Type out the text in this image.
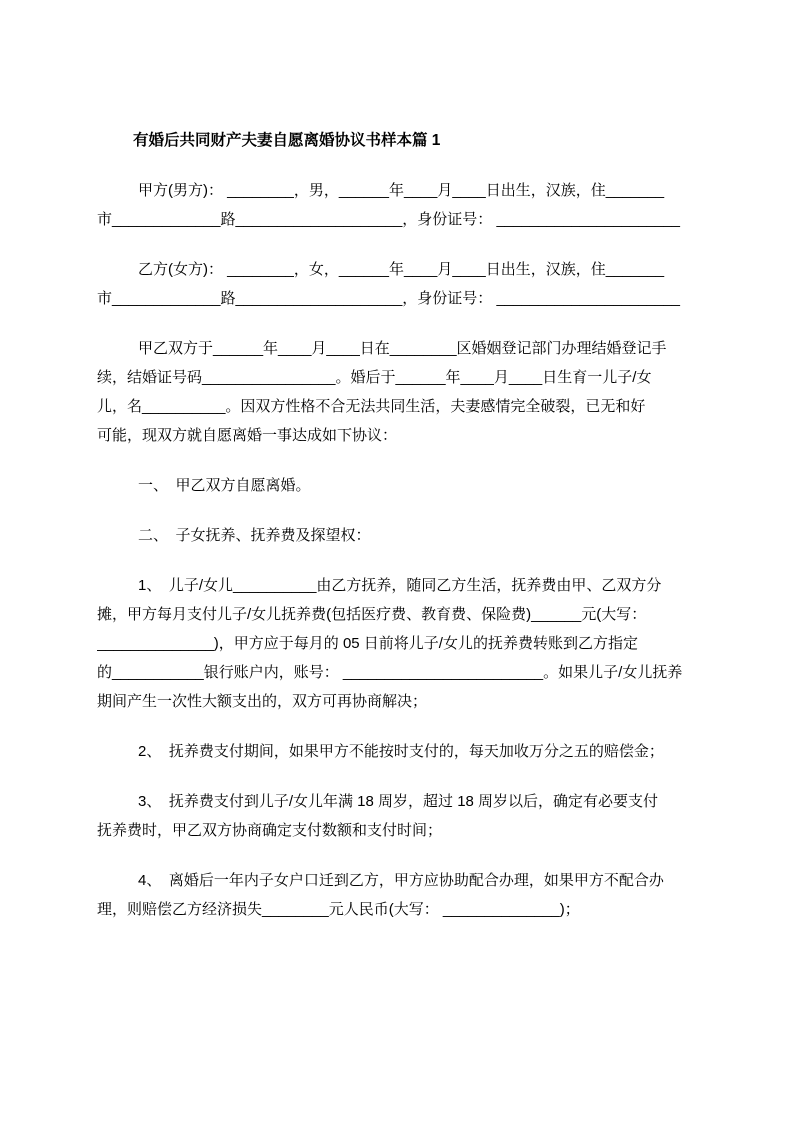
有婚后共同财产夫妻自愿离婚协议书样本篇 1
甲方(男方)： ________，男，______年____月____日出生，汉族，住_______
市_____________路____________________，身份证号： ______________________
乙方(女方)： ________，女，______年____月____日出生，汉族，住_______
市_____________路____________________，身份证号： ______________________
甲乙双方于______年____月____日在________区婚姻登记部门办理结婚登记手
续，结婚证号码________________。婚后于______年____月____日生育一儿子/女
儿，名__________。因双方性格不合无法共同生活，夫妻感情完全破裂，已无和好
可能，现双方就自愿离婚一事达成如下协议：
一、　甲乙双方自愿离婚。
二、　子女抚养、抚养费及探望权：
1、　儿子/女儿__________由乙方抚养，随同乙方生活，抚养费由甲、乙双方分
摊，甲方每月支付儿子/女儿抚养费(包括医疗费、教育费、保险费)______元(大写：
______________)，甲方应于每月的 05 日前将儿子/女儿的抚养费转账到乙方指定
的___________银行账户内，账号： ________________________。如果儿子/女儿抚养
期间产生一次性大额支出的，双方可再协商解决；
2、　抚养费支付期间，如果甲方不能按时支付的，每天加收万分之五的赔偿金；
3、　抚养费支付到儿子/女儿年满 18 周岁，超过 18 周岁以后，确定有必要支付
抚养费时，甲乙双方协商确定支付数额和支付时间；
4、　离婚后一年内子女户口迁到乙方，甲方应协助配合办理，如果甲方不配合办
理，则赔偿乙方经济损失________元人民币(大写： ______________)；
